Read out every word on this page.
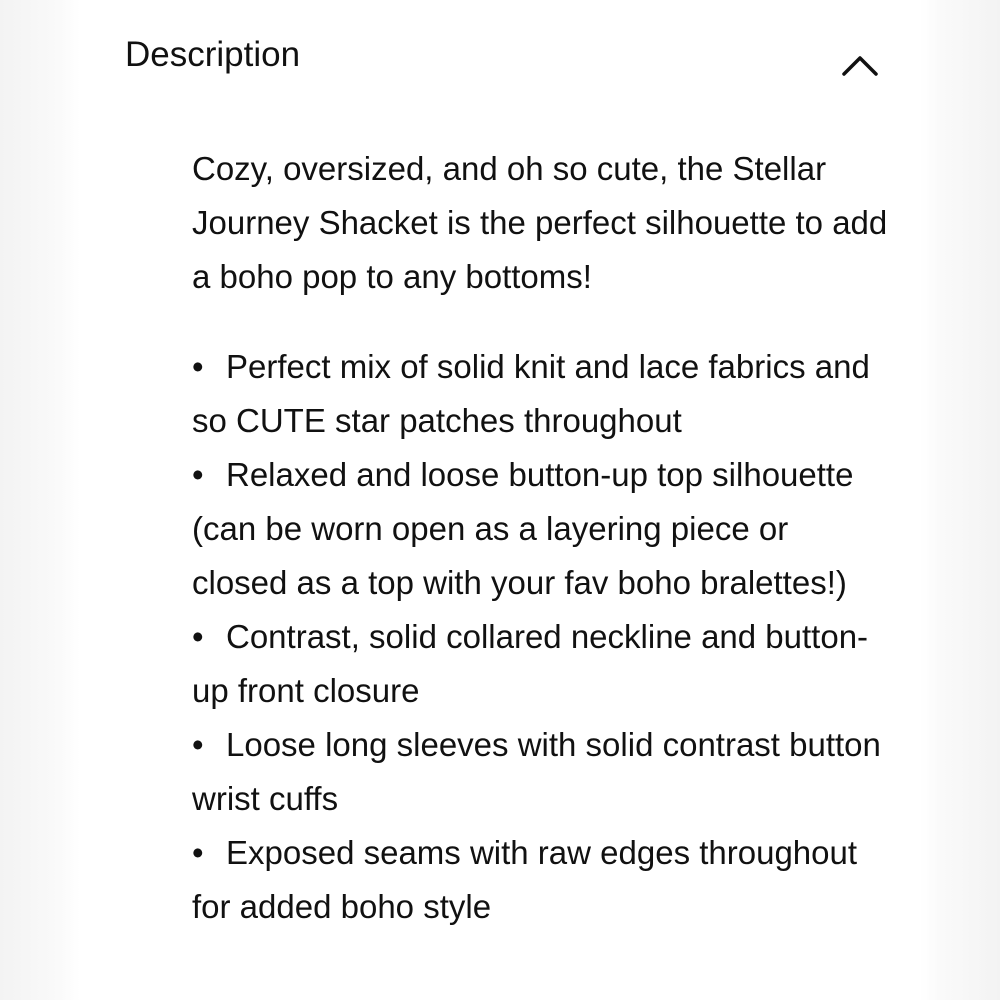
Description

Cozy, oversized, and oh so cute, the Stellar Journey Shacket is the perfect silhouette to add a boho pop to any bottoms!

• Perfect mix of solid knit and lace fabrics and so CUTE star patches throughout
• Relaxed and loose button-up top silhouette (can be worn open as a layering piece or closed as a top with your fav boho bralettes!)
• Contrast, solid collared neckline and button-up front closure
• Loose long sleeves with solid contrast button wrist cuffs
• Exposed seams with raw edges throughout for added boho style
